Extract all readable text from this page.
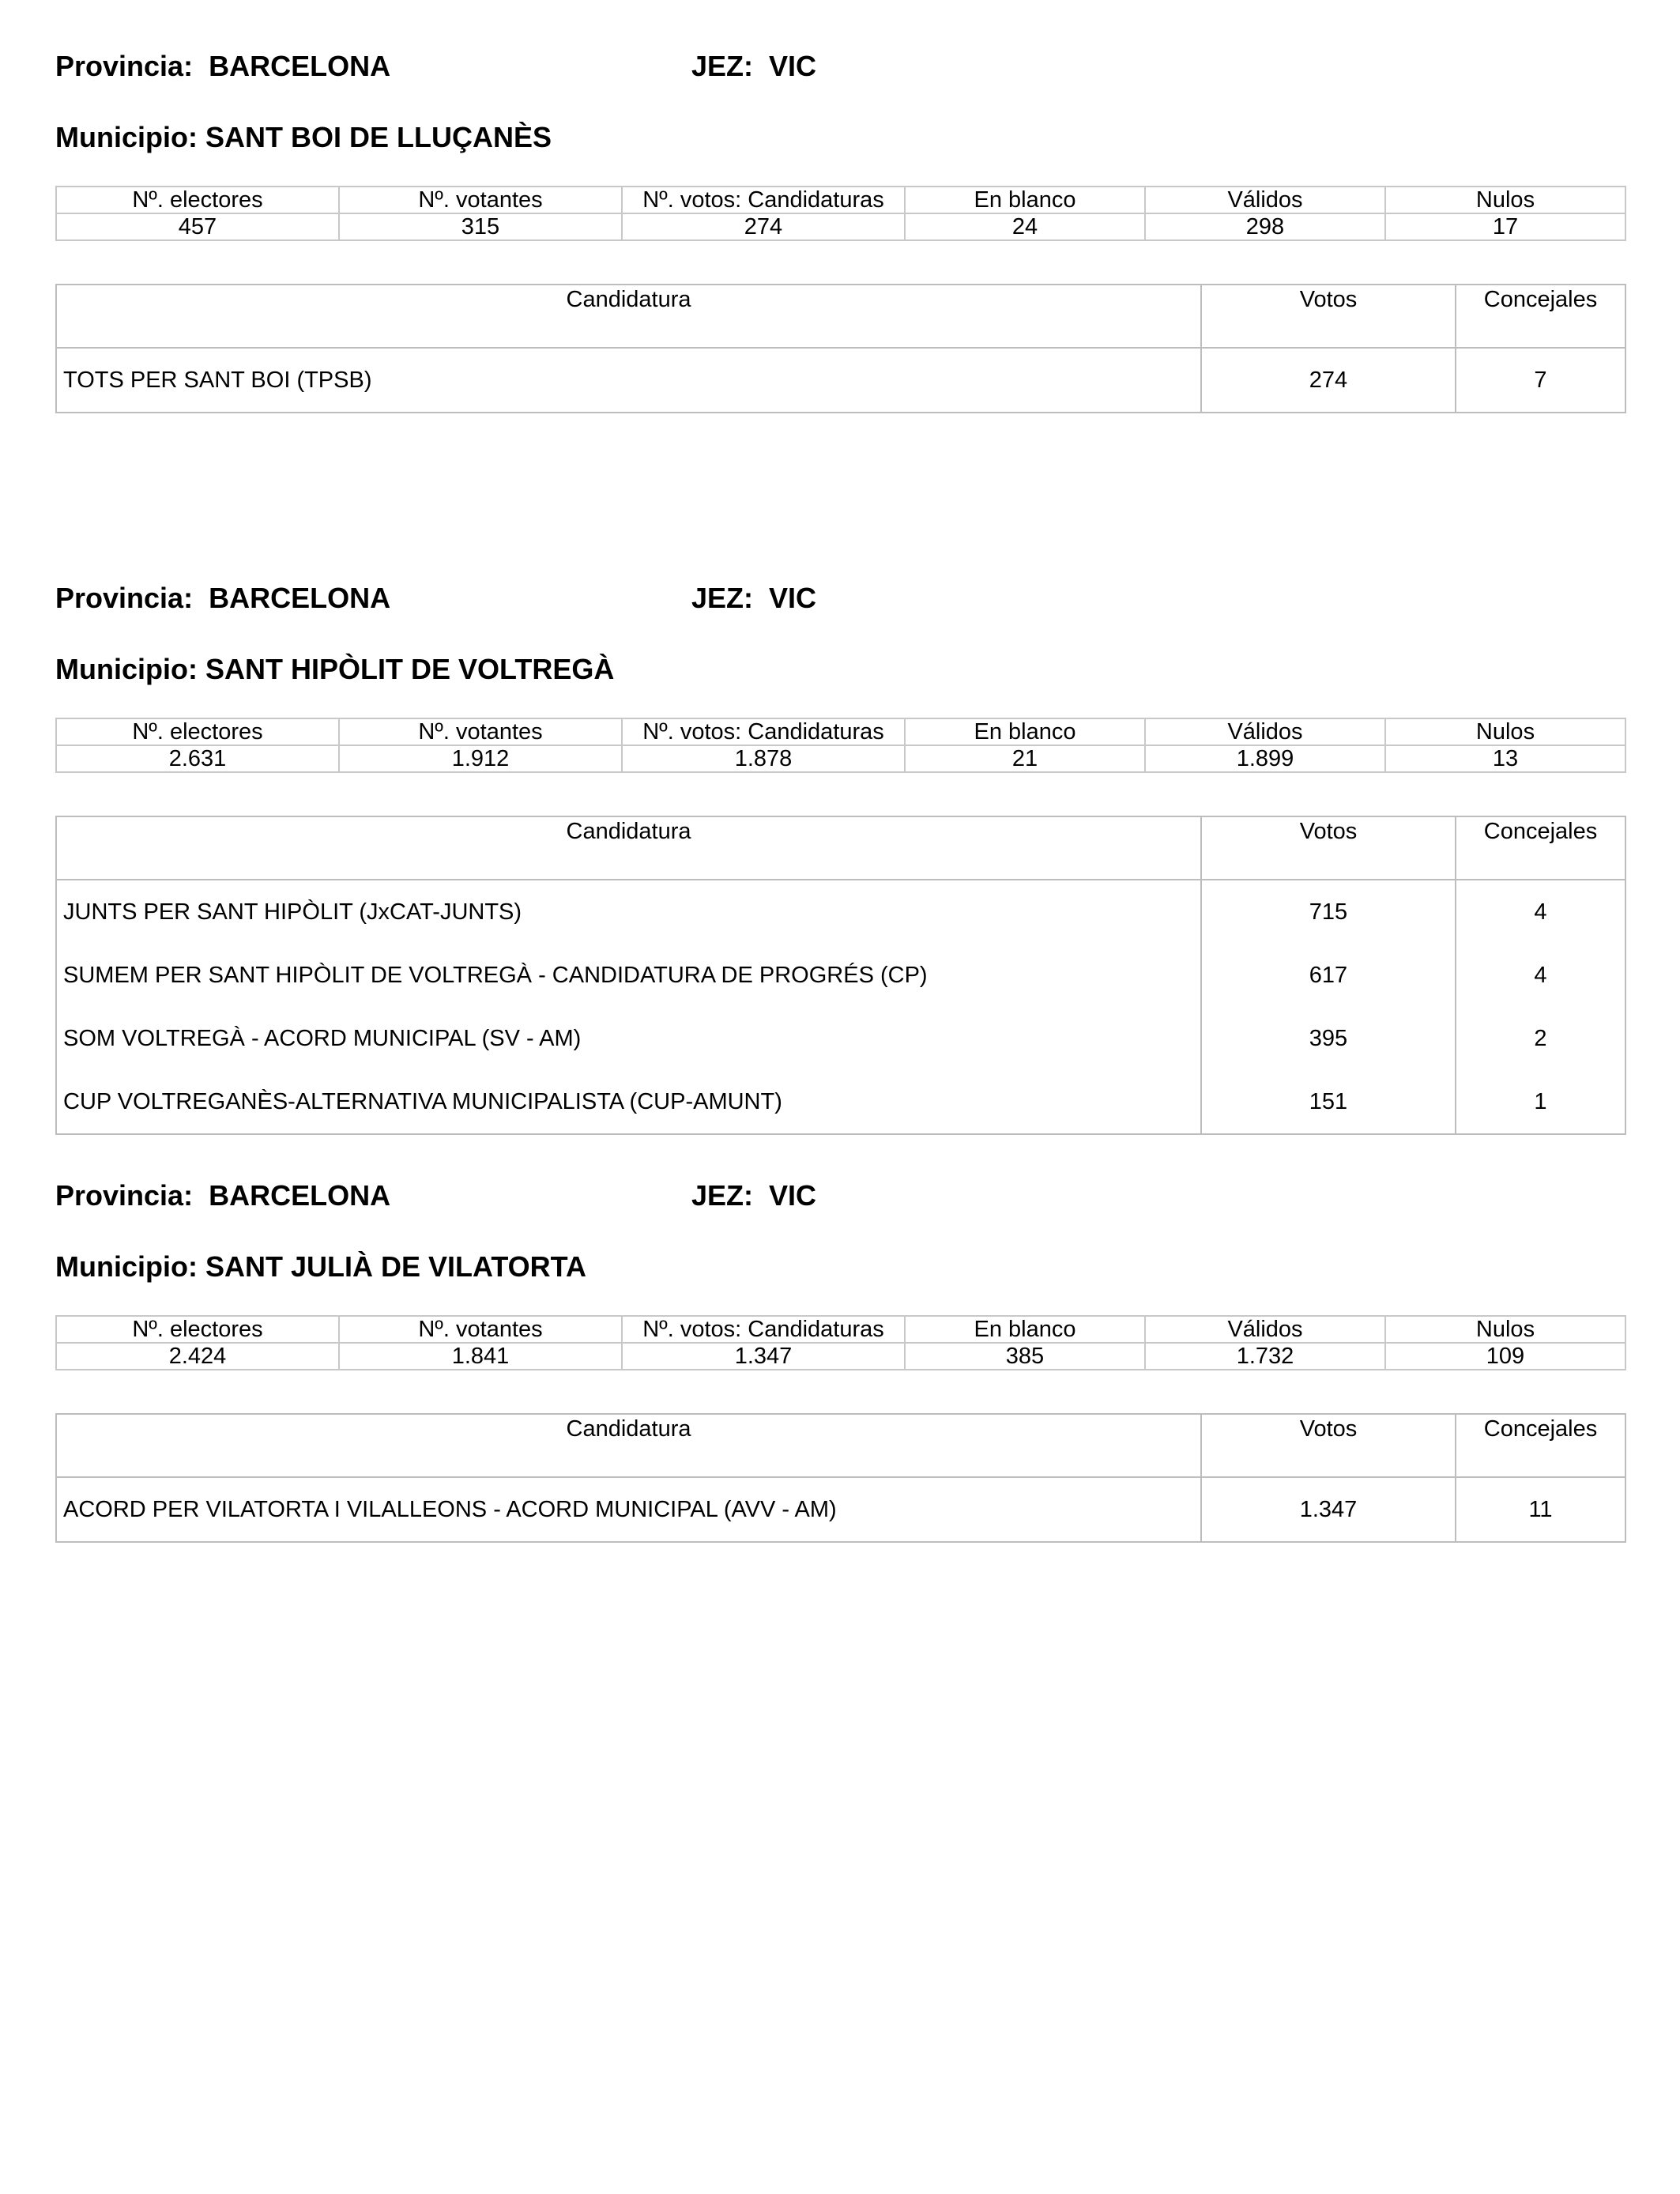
Provincia: BARCELONA	JEZ: VIC
Municipio: SANT BOI DE LLUÇANÈS
Nº. electores	Nº. votantes	Nº. votos: Candidaturas	En blanco	Válidos	Nulos
457	315	274	24	298	17
Candidatura	Votos	Concejales
TOTS PER SANT BOI (TPSB)	274	7
Provincia: BARCELONA	JEZ: VIC
Municipio: SANT HIPÒLIT DE VOLTREGÀ
Nº. electores	Nº. votantes	Nº. votos: Candidaturas	En blanco	Válidos	Nulos
2.631	1.912	1.878	21	1.899	13
Candidatura	Votos	Concejales
JUNTS PER SANT HIPÒLIT (JxCAT-JUNTS)	715	4
SUMEM PER SANT HIPÒLIT DE VOLTREGÀ - CANDIDATURA DE PROGRÉS (CP)	617	4
SOM VOLTREGÀ - ACORD MUNICIPAL (SV - AM)	395	2
CUP VOLTREGANÈS-ALTERNATIVA MUNICIPALISTA (CUP-AMUNT)	151	1
Provincia: BARCELONA	JEZ: VIC
Municipio: SANT JULIÀ DE VILATORTA
Nº. electores	Nº. votantes	Nº. votos: Candidaturas	En blanco	Válidos	Nulos
2.424	1.841	1.347	385	1.732	109
Candidatura	Votos	Concejales
ACORD PER VILATORTA I VILALLEONS - ACORD MUNICIPAL (AVV - AM)	1.347	11
